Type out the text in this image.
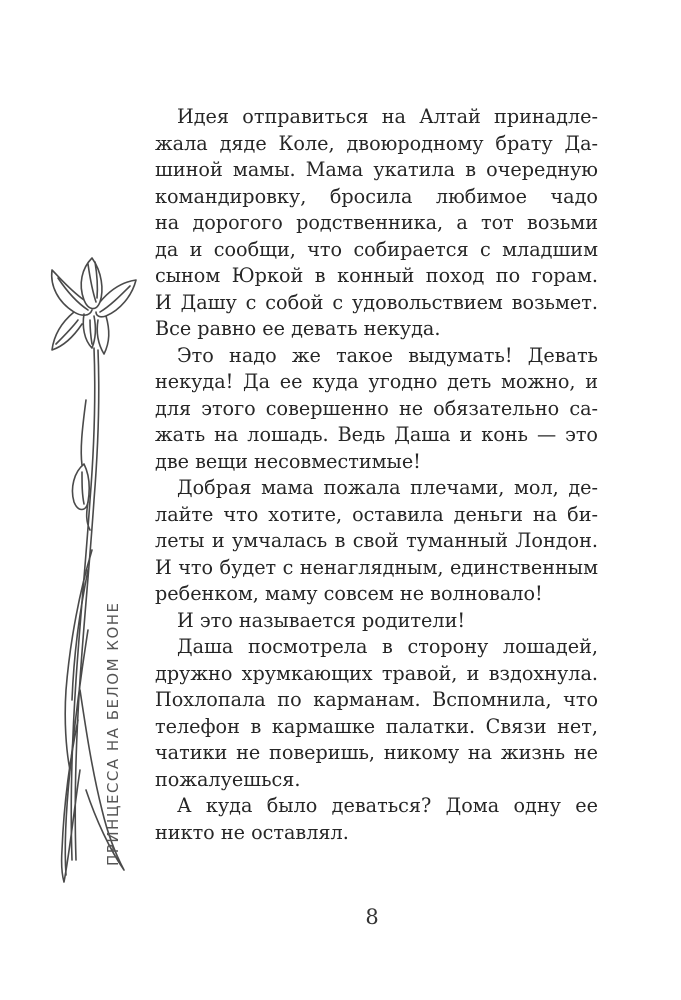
ПРИНЦЕССА НА БЕЛОМ КОНЕ
Идея отправиться на Алтай принадле-
жала дяде Коле, двоюродному брату Да-
шиной мамы. Мама укатила в очередную
командировку, бросила любимое чадо
на дорогого родственника, а тот возьми
да и сообщи, что собирается с младшим
сыном Юркой в конный поход по горам.
И Дашу с собой с удовольствием возьмет.
Все равно ее девать некуда.
Это надо же такое выдумать! Девать
некуда! Да ее куда угодно деть можно, и
для этого совершенно не обязательно са-
жать на лошадь. Ведь Даша и конь — это
две вещи несовместимые!
Добрая мама пожала плечами, мол, де-
лайте что хотите, оставила деньги на би-
леты и умчалась в свой туманный Лондон.
И что будет с ненаглядным, единственным
ребенком, маму совсем не волновало!
И это называется родители!
Даша посмотрела в сторону лошадей,
дружно хрумкающих травой, и вздохнула.
Похлопала по карманам. Вспомнила, что
телефон в кармашке палатки. Связи нет,
чатики не поверишь, никому на жизнь не
пожалуешься.
А куда было деваться? Дома одну ее
никто не оставлял.
8
